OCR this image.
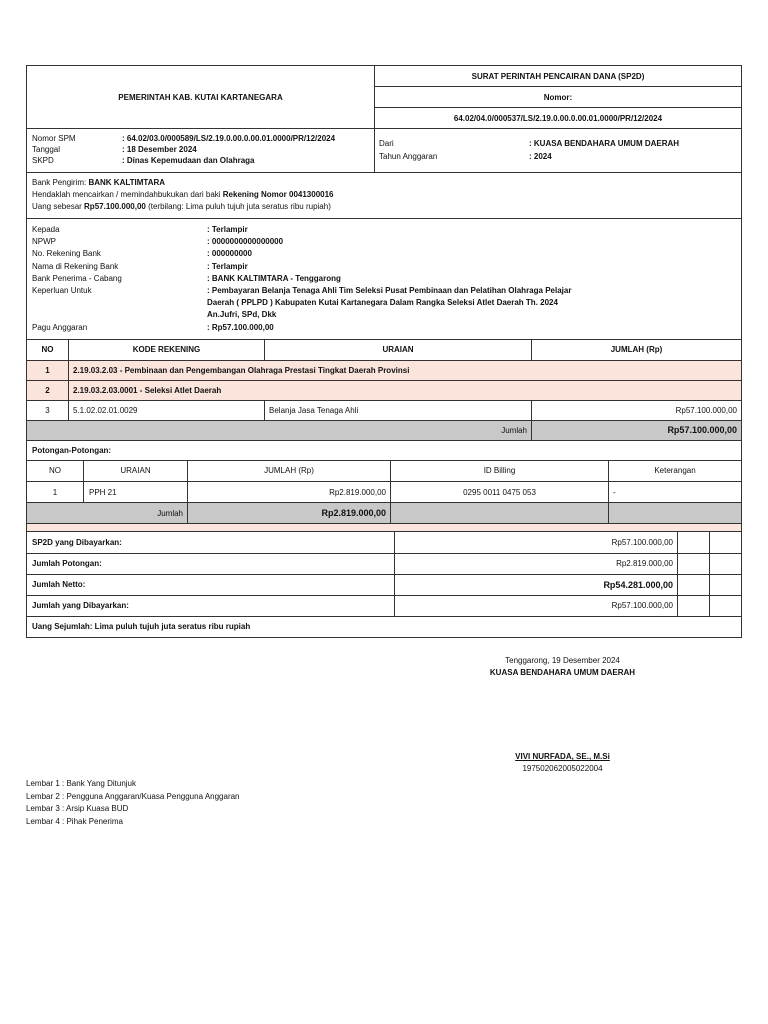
PEMERINTAH KAB. KUTAI KARTANEGARA	SURAT PERINTAH PENCAIRAN DANA (SP2D)
Nomor:
64.02/04.0/000537/LS/2.19.0.00.0.00.01.0000/PR/12/2024
Nomor SPM	: 64.02/03.0/000589/LS/2.19.0.00.0.00.01.0000/PR/12/2024
Tanggal	: 18 Desember 2024
SKPD	: Dinas Kepemudaan dan Olahraga
Dari	: KUASA BENDAHARA UMUM DAERAH
Tahun Anggaran	: 2024
Bank Pengirim: BANK KALTIMTARA
Hendaklah mencairkan / memindahbukukan dari baki Rekening Nomor 0041300016
Uang sebesar Rp57.100.000,00 (terbilang: Lima puluh tujuh juta seratus ribu rupiah)
Kepada	: Terlampir
NPWP	: 0000000000000000
No. Rekening Bank	: 000000000
Nama di Rekening Bank	: Terlampir
Bank Penerima - Cabang	: BANK KALTIMTARA - Tenggarong
Keperluan Untuk	: Pembayaran Belanja Tenaga Ahli Tim Seleksi Pusat Pembinaan dan Pelatihan Olahraga Pelajar
Daerah ( PPLPD ) Kabupaten Kutai Kartanegara Dalam Rangka Seleksi Atlet Daerah Th. 2024
An.Jufri, SPd, Dkk
Pagu Anggaran	: Rp57.100.000,00
NO	KODE REKENING	URAIAN	JUMLAH (Rp)
1	2.19.03.2.03 - Pembinaan dan Pengembangan Olahraga Prestasi Tingkat Daerah Provinsi		
2	2.19.03.2.03.0001 - Seleksi Atlet Daerah		
3	5.1.02.02.01.0029	Belanja Jasa Tenaga Ahli	Rp57.100.000,00
Jumlah			Rp57.100.000,00
Potongan-Potongan:
NO	URAIAN	JUMLAH (Rp)	ID Billing	Keterangan
1	PPH 21	Rp2.819.000,00	0295 0011 0475 053	-
Jumlah		Rp2.819.000,00		
SP2D yang Dibayarkan:	Rp57.100.000,00		
Jumlah Potongan:	Rp2.819.000,00		
Jumlah Netto:	Rp54.281.000,00		
Jumlah yang Dibayarkan:	Rp57.100.000,00		
Uang Sejumlah: Lima puluh tujuh juta seratus ribu rupiah			
Tenggarong, 19 Desember 2024
KUASA BENDAHARA UMUM DAERAH
VIVI NURFADA, SE., M.Si
197502062005022004
Lembar 1 : Bank Yang Ditunjuk
Lembar 2 : Pengguna Anggaran/Kuasa Pengguna Anggaran
Lembar 3 : Arsip Kuasa BUD
Lembar 4 : Pihak Penerima
